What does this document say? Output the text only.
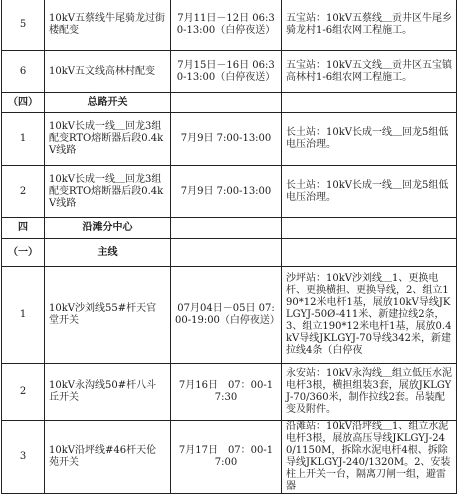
5	10kV五蔡线牛尾骑龙过街楼配变	7月11日－12日 06:30-13:00（白停夜送）	五宝站：10kV五蔡线＿贡井区牛尾乡骑龙村1-6组农网工程施工。
6	10kV五文线高林村配变	7月15日－16日 06:30-13:00（白停夜送）	五宝站：10kV五文线＿贡井区五宝镇高林村1-6组农网工程施工。
（四）	总路开关		
1	10kV长成一线＿回龙3组配变RTO熔断器后段0.4kV线路	7月9日 7:00-13:00	长土站：10kV长成一线＿回龙5组低电压治理。
2	10kV长成一线＿回龙3组配变RTO熔断器后段0.4kV线路	7月9日 7:00-13:00	长土站：10kV长成一线＿回龙5组低电压治理。
四	沿滩分中心		
（一）	主线		
1	10kV沙刘线55#杆天官堂开关	07月04日－05日 07:00-19:00（白停夜送）	沙坪站：10kV沙刘线＿1、更换电杆、更换横担、更换导线，2、组立190*12米电杆1基，展放10kV导线JKLGYJ-50Ø-411米、新建拉线2条，3、组立190*12米电杆1基，展放0.4kV导线JKLGYJ-70导线342米，新建拉线4条（白停夜
2	10kV永沟线50#杆八斗丘开关	7月16日　07：00-17:30	永安站：10kV永沟线＿组立低压水泥电杆3根，横担组装3套，展放JKLGYJ-70/360米，制作拉线2套。吊装配变及附件。
3	10kV沿坪线#46杆天伦苑开关	7月17日　07：00-17:00	沿滩站：10kV沿坪线＿1、组立水泥电杆3根，展放高压导线JKLGYJ-240/1150M，拆除水泥电杆4根、拆除导线JKLGYJ-240/1320M。2、安装柱上开关一台，隔离刀闸一组，避雷器
